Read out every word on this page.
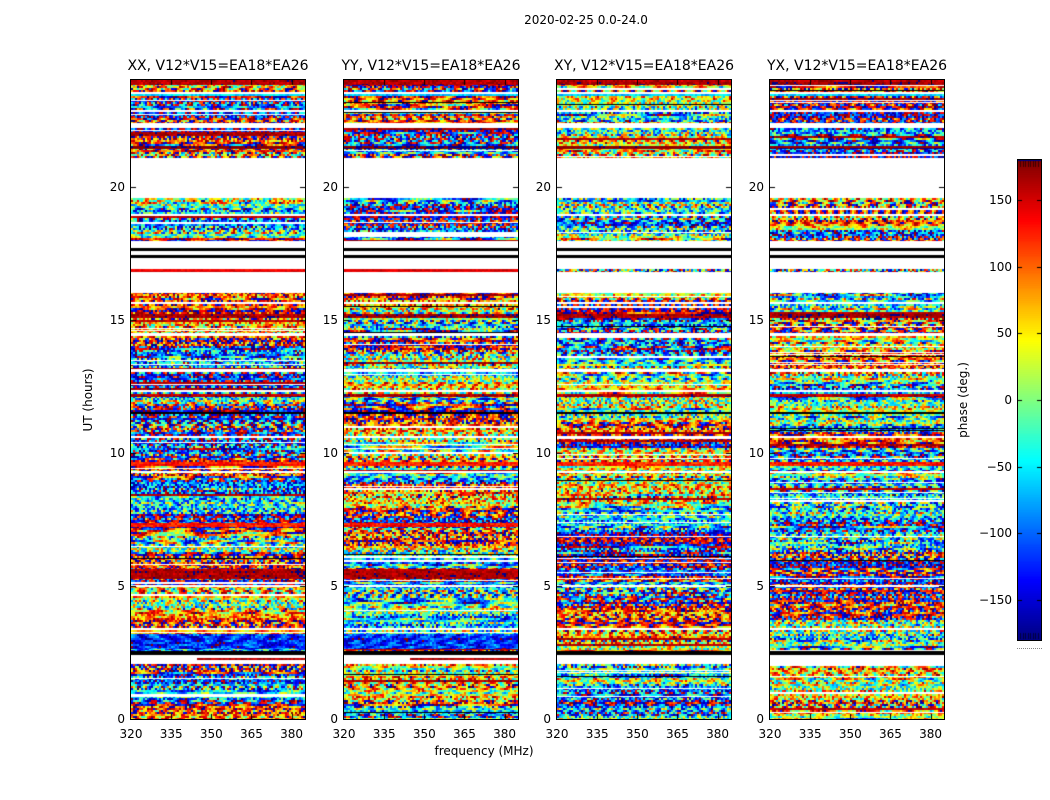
2020-02-25 0.0-24.0
XX, V12*V15=EA18*EA26 YY, V12*V15=EA18*EA26 XY, V12*V15=EA18*EA26 YX, V12*V15=EA18*EA26
UT (hours)
frequency (MHz)
phase (deg.)
0
5
10
15
20
320	335	350	365	380
0
5
10
15
20
320	335	350	365	380
0
5
10
15
20
320	335	350	365	380
0
5
10
15
20
320	335	350	365	380
150
100
50
0
−50
−100
−150
